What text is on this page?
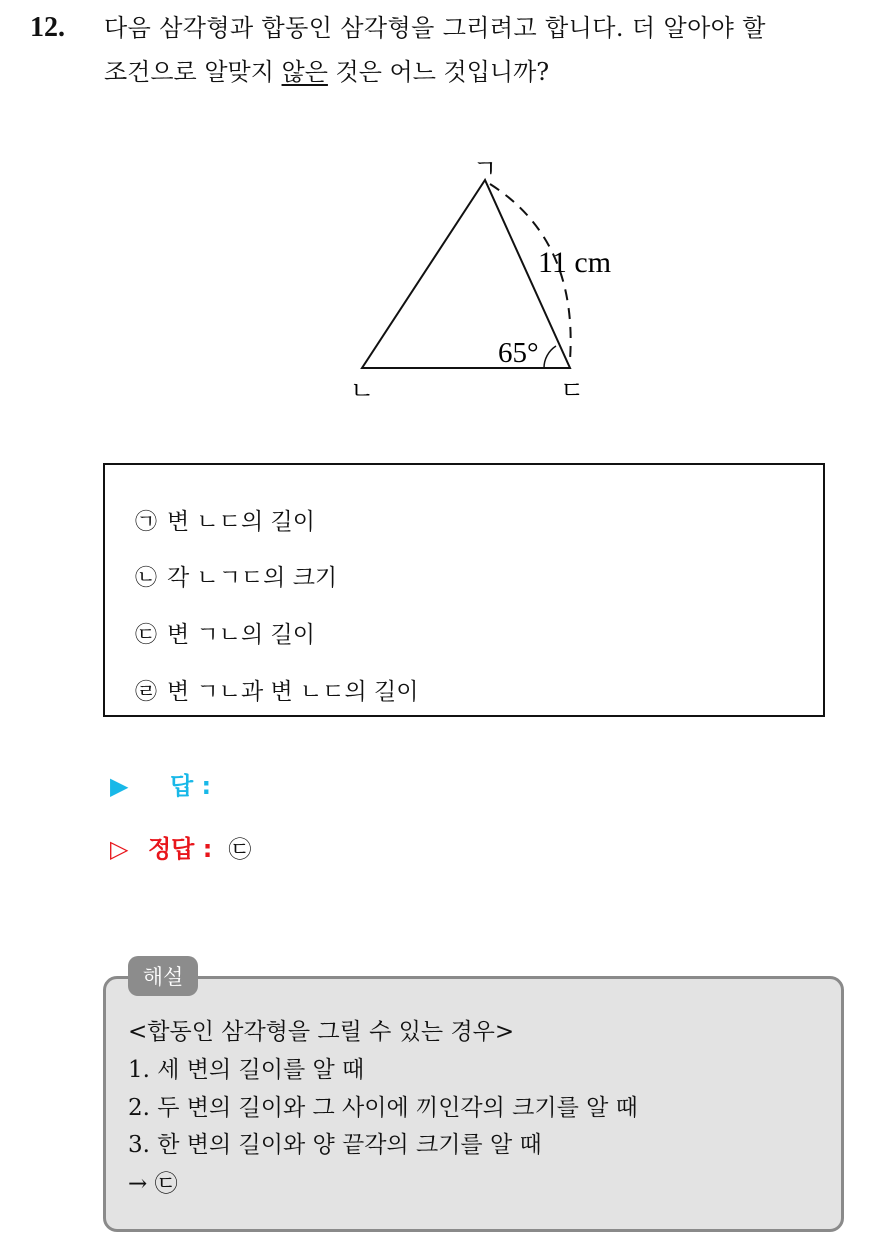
12. 다음 삼각형과 합동인 삼각형을 그리려고 합니다. 더 알아야 할
조건으로 알맞지 않은 것은 어느 것입니까?
ㄱ
ㄴ	ㄷ
11 cm
65°
㉠ 변 ㄴㄷ의 길이
㉡ 각 ㄴㄱㄷ의 크기
㉢ 변 ㄱㄴ의 길이
㉣ 변 ㄱㄴ과 변 ㄴㄷ의 길이
▶ 답 :
▷ 정답 : ㉢
해설
<합동인 삼각형을 그릴 수 있는 경우>
1. 세 변의 길이를 알 때
2. 두 변의 길이와 그 사이에 끼인각의 크기를 알 때
3. 한 변의 길이와 양 끝각의 크기를 알 때
→ ㉢
